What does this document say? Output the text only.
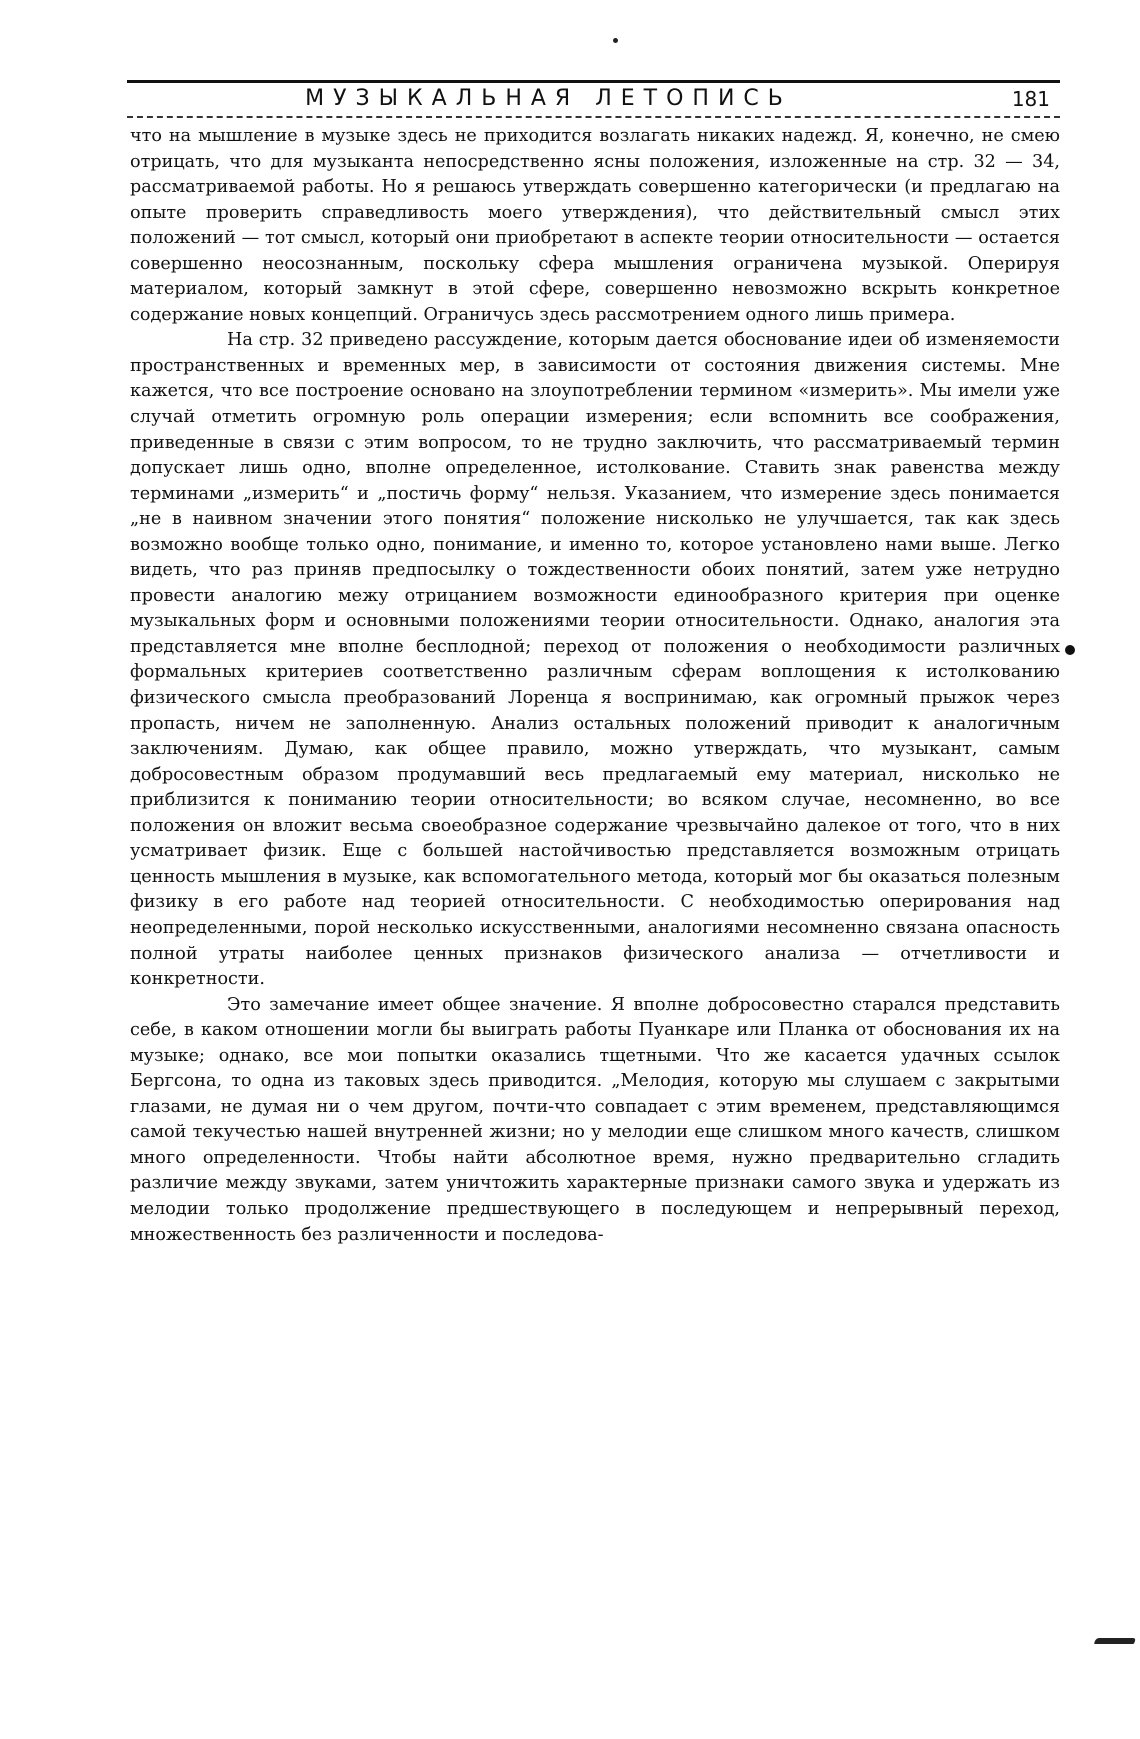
МУЗЫКАЛЬНАЯ ЛЕТОПИСЬ	181

что на мышление в музыке здесь не приходится возлагать никаких надежд. Я, конечно, не смею отрицать, что для музыканта непосредственно ясны положения, изложенные на стр. 32 — 34, рассматриваемой работы. Но я решаюсь утверждать совершенно категорически (и предлагаю на опыте проверить справедливость моего утверждения), что действительный смысл этих положений — тот смысл, который они приобретают в аспекте теории относительности — остается совершенно неосознанным, поскольку сфера мышления ограничена музыкой. Оперируя материалом, который замкнут в этой сфере, совершенно невозможно вскрыть конкретное содержание новых концепций. Ограничусь здесь рассмотрением одного лишь примера.

На стр. 32 приведено рассуждение, которым дается обоснование идеи об изменяемости пространственных и временных мер, в зависимости от состояния движения системы. Мне кажется, что все построение основано на злоупотреблении термином «измерить». Мы имели уже случай отметить огромную роль операции измерения; если вспомнить все соображения, приведенные в связи с этим вопросом, то не трудно заключить, что рассматриваемый термин допускает лишь одно, вполне определенное, истолкование. Ставить знак равенства между терминами „измерить“ и „постичь форму“ нельзя. Указанием, что измерение здесь понимается „не в наивном значении этого понятия“ положение нисколько не улучшается, так как здесь возможно вообще только одно, понимание, и именно то, которое установлено нами выше. Легко видеть, что раз приняв предпосылку о тождественности обоих понятий, затем уже нетрудно провести аналогию межу отрицанием возможности единообразного критерия при оценке музыкальных форм и основными положениями теории относительности. Однако, аналогия эта представляется мне вполне бесплодной; переход от положения о необходимости различных формальных критериев соответственно различным сферам воплощения к истолкованию физического смысла преобразований Лоренца я воспринимаю, как огромный прыжок через пропасть, ничем не заполненную. Анализ остальных положений приводит к аналогичным заключениям. Думаю, как общее правило, можно утверждать, что музыкант, самым добросовестным образом продумавший весь предлагаемый ему материал, нисколько не приблизится к пониманию теории относительности; во всяком случае, несомненно, во все положения он вложит весьма своеобразное содержание чрезвычайно далекое от того, что в них усматривает физик. Еще с большей настойчивостью представляется возможным отрицать ценность мышления в музыке, как вспомогательного метода, который мог бы оказаться полезным физику в его работе над теорией относительности. С необходимостью оперирования над неопределенными, порой несколько искусственными, аналогиями несомненно связана опасность полной утраты наиболее ценных признаков физического анализа — отчетливости и конкретности.

Это замечание имеет общее значение. Я вполне добросовестно старался представить себе, в каком отношении могли бы выиграть работы Пуанкаре или Планка от обоснования их на музыке; однако, все мои попытки оказались тщетными. Что же касается удачных ссылок Бергсона, то одна из таковых здесь приводится. „Мелодия, которую мы слушаем с закрытыми глазами, не думая ни о чем другом, почти-что совпадает с этим временем, представляющимся самой текучестью нашей внутренней жизни; но у мелодии еще слишком много качеств, слишком много определенности. Чтобы найти абсолютное время, нужно предварительно сгладить различие между звуками, затем уничтожить характерные признаки самого звука и удержать из мелодии только продолжение предшествующего в последующем и непрерывный переход, множественность без различенности и последова-
